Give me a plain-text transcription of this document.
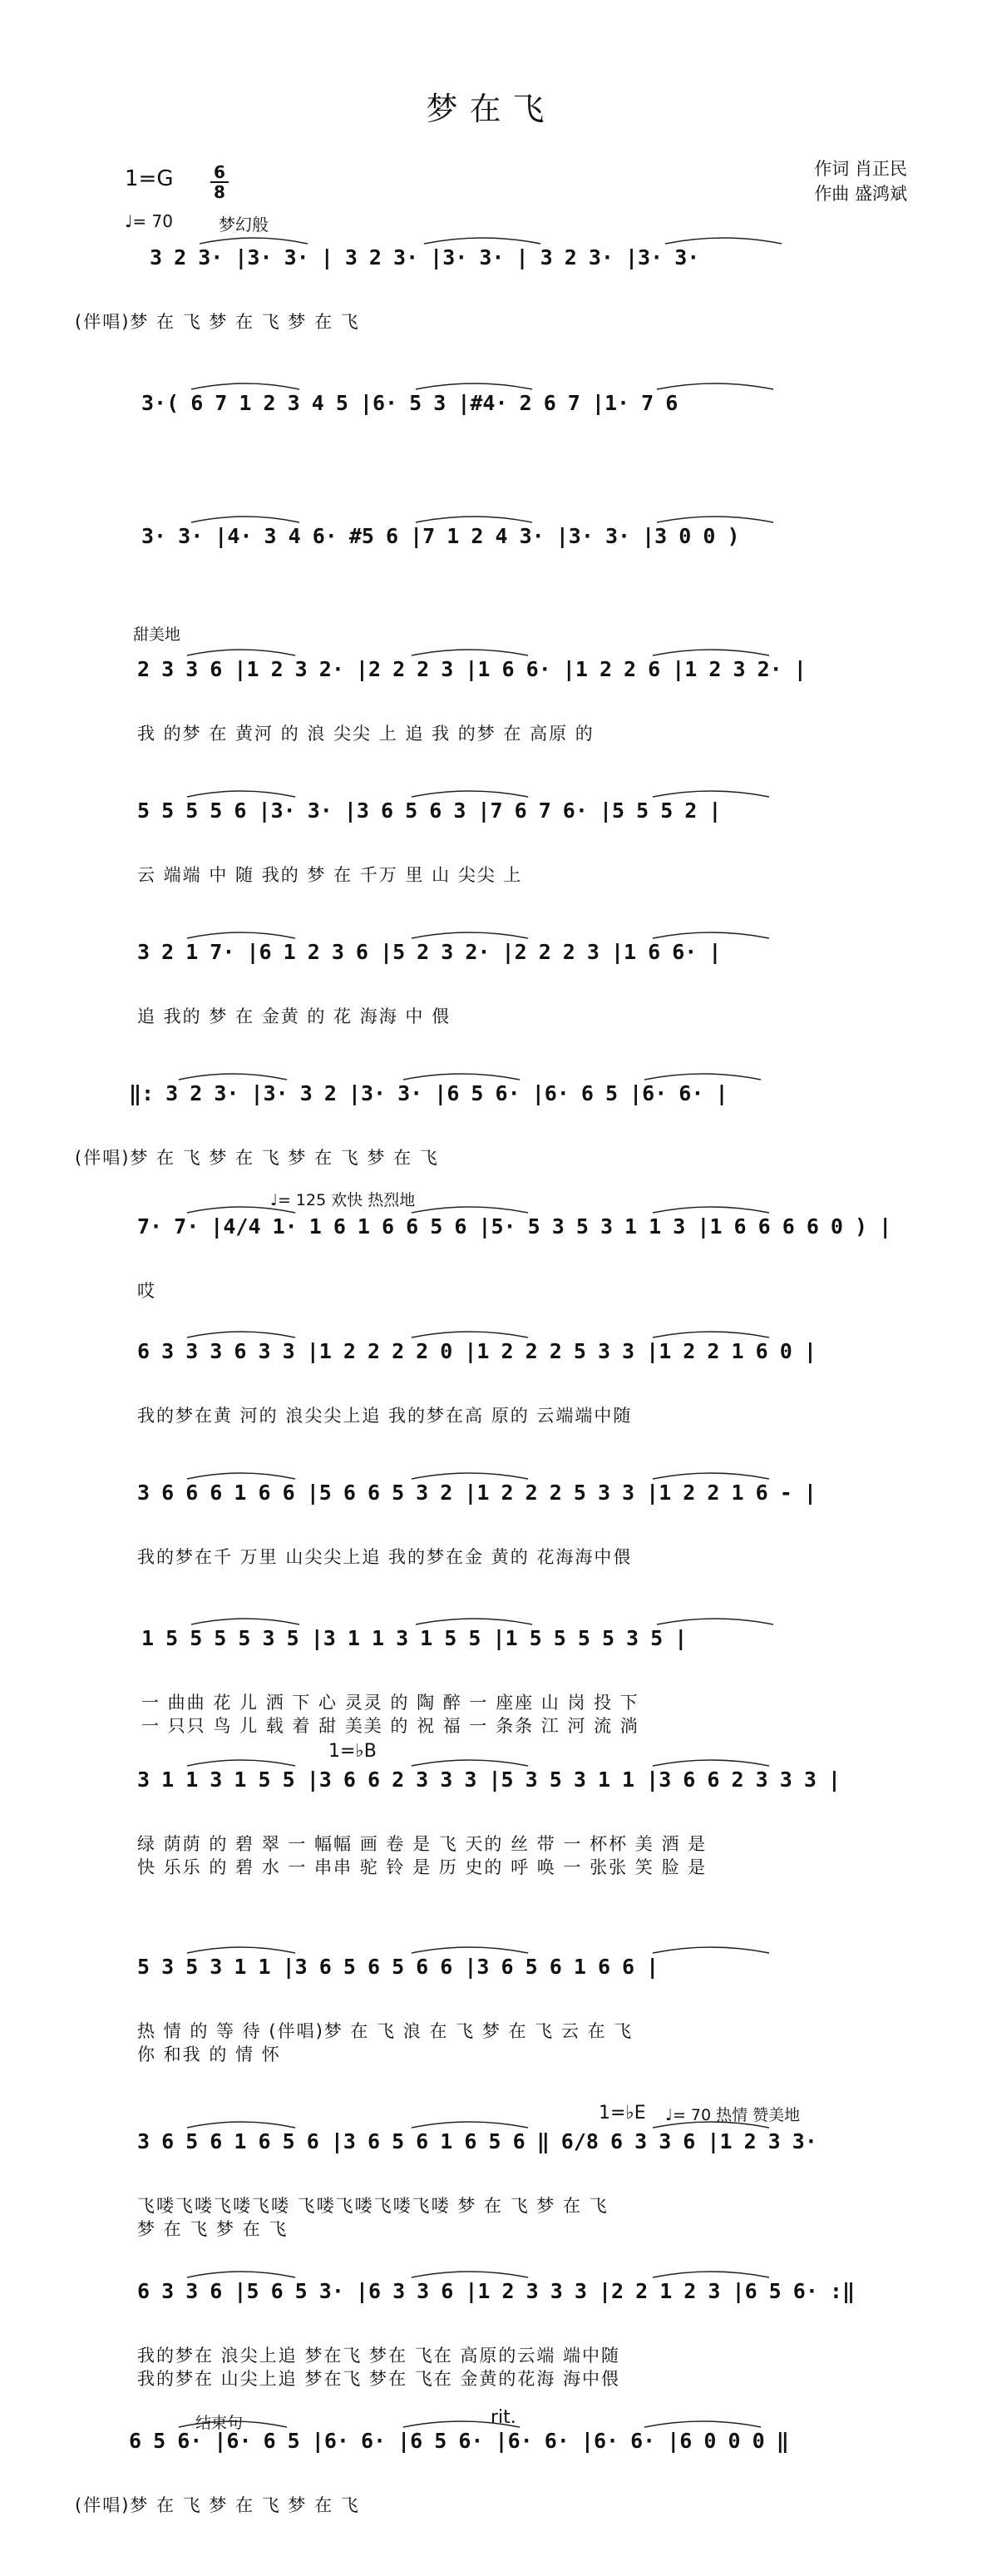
梦在飞
1=G 6
8
♩= 70	梦幻般
作词 肖正民
作曲 盛鸿斌
3 2 3· |3· 3· | 3 2 3· |3· 3· | 3 2 3· |3· 3·
(伴唱)梦 在 飞 梦 在 飞 梦 在 飞
3·( 6 7 1 2 3 4 5 |6· 5 3 |#4· 2 6 7 |1· 7 6
3· 3· |4· 3 4 6· #5 6 |7 1 2 4 3· |3· 3· |3 0 0 )
甜美地
2 3 3 6 |1 2 3 2· |2 2 2 3 |1 6 6· |1 2 2 6 |1 2 3 2· |
我 的梦 在 黄河 的 浪 尖尖 上 追 我 的梦 在 高原 的
5 5 5 5 6 |3· 3· |3 6 5 6 3 |7 6 7 6· |5 5 5 2 |
云 端端 中 随 我的 梦 在 千万 里 山 尖尖 上
3 2 1 7· |6 1 2 3 6 |5 2 3 2· |2 2 2 3 |1 6 6· |
追 我的 梦 在 金黄 的 花 海海 中 偎
‖: 3 2 3· |3· 3 2 |3· 3· |6 5 6· |6· 6 5 |6· 6· |
(伴唱)梦 在 飞 梦 在 飞 梦 在 飞 梦 在 飞
♩= 125 欢快 热烈地
7· 7· |4/4 1· 1 6 1 6 6 5 6 |5· 5 3 5 3 1 1 3 |1 6 6 6 6 0 ) |
哎
6 3 3 3 6 3 3 |1 2 2 2 2 0 |1 2 2 2 5 3 3 |1 2 2 1 6 0 |
我的梦在黄 河的 浪尖尖上追 我的梦在高 原的 云端端中随
3 6 6 6 1 6 6 |5 6 6 5 3 2 |1 2 2 2 5 3 3 |1 2 2 1 6 - |
我的梦在千 万里 山尖尖上追 我的梦在金 黄的 花海海中偎
1 5 5 5 5 3 5 |3 1 1 3 1 5 5 |1 5 5 5 5 3 5 |
一 曲曲 花 儿 洒 下 心 灵灵 的 陶 醉 一 座座 山 岗 投 下
一 只只 鸟 儿 载 着 甜 美美 的 祝 福 一 条条 江 河 流 淌
1=♭B
3 1 1 3 1 5 5 |3 6 6 2 3 3 3 |5 3 5 3 1 1 |3 6 6 2 3 3 3 |
绿 荫荫 的 碧 翠 一 幅幅 画 卷 是 飞 天的 丝 带 一 杯杯 美 酒 是
快 乐乐 的 碧 水 一 串串 驼 铃 是 历 史的 呼 唤 一 张张 笑 脸 是
5 3 5 3 1 1 |3 6 5 6 5 6 6 |3 6 5 6 1 6 6 |
热 情 的 等 待 (伴唱)梦 在 飞 浪 在 飞 梦 在 飞 云 在 飞
你 和我 的 情 怀
1=♭E ♩= 70 热情 赞美地
3 6 5 6 1 6 5 6 |3 6 5 6 1 6 5 6 ‖ 6/8 6 3 3 6 |1 2 3 3·
飞喽飞喽飞喽飞喽 飞喽飞喽飞喽飞喽 梦 在 飞 梦 在 飞
梦 在 飞 梦 在 飞
6 3 3 6 |5 6 5 3· |6 3 3 6 |1 2 3 3 3 |2 2 1 2 3 |6 5 6· :‖
我的梦在 浪尖上追 梦在飞 梦在 飞在 高原的云端 端中随
我的梦在 山尖上追 梦在飞 梦在 飞在 金黄的花海 海中偎
结束句	rit.
6 5 6· |6· 6 5 |6· 6· |6 5 6· |6· 6· |6· 6· |6 0 0 0 ‖
(伴唱)梦 在 飞 梦 在 飞 梦 在 飞
